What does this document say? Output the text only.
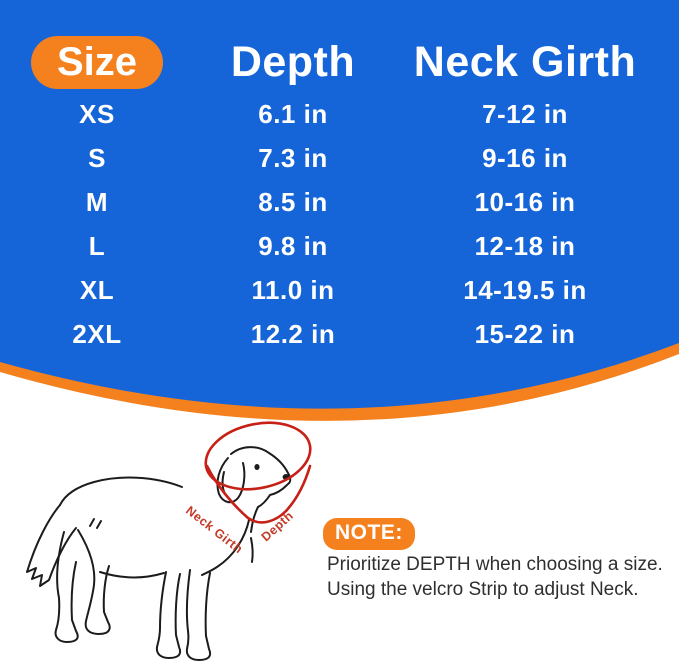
Size	Depth	Neck Girth
XS	6.1 in	7-12 in
S	7.3 in	9-16 in
M	8.5 in	10-16 in
L	9.8 in	12-18 in
XL	11.0 in	14-19.5 in
2XL	12.2 in	15-22 in
Neck Girth Depth	NOTE:
Prioritize DEPTH when choosing a size.
Using the velcro Strip to adjust Neck.
